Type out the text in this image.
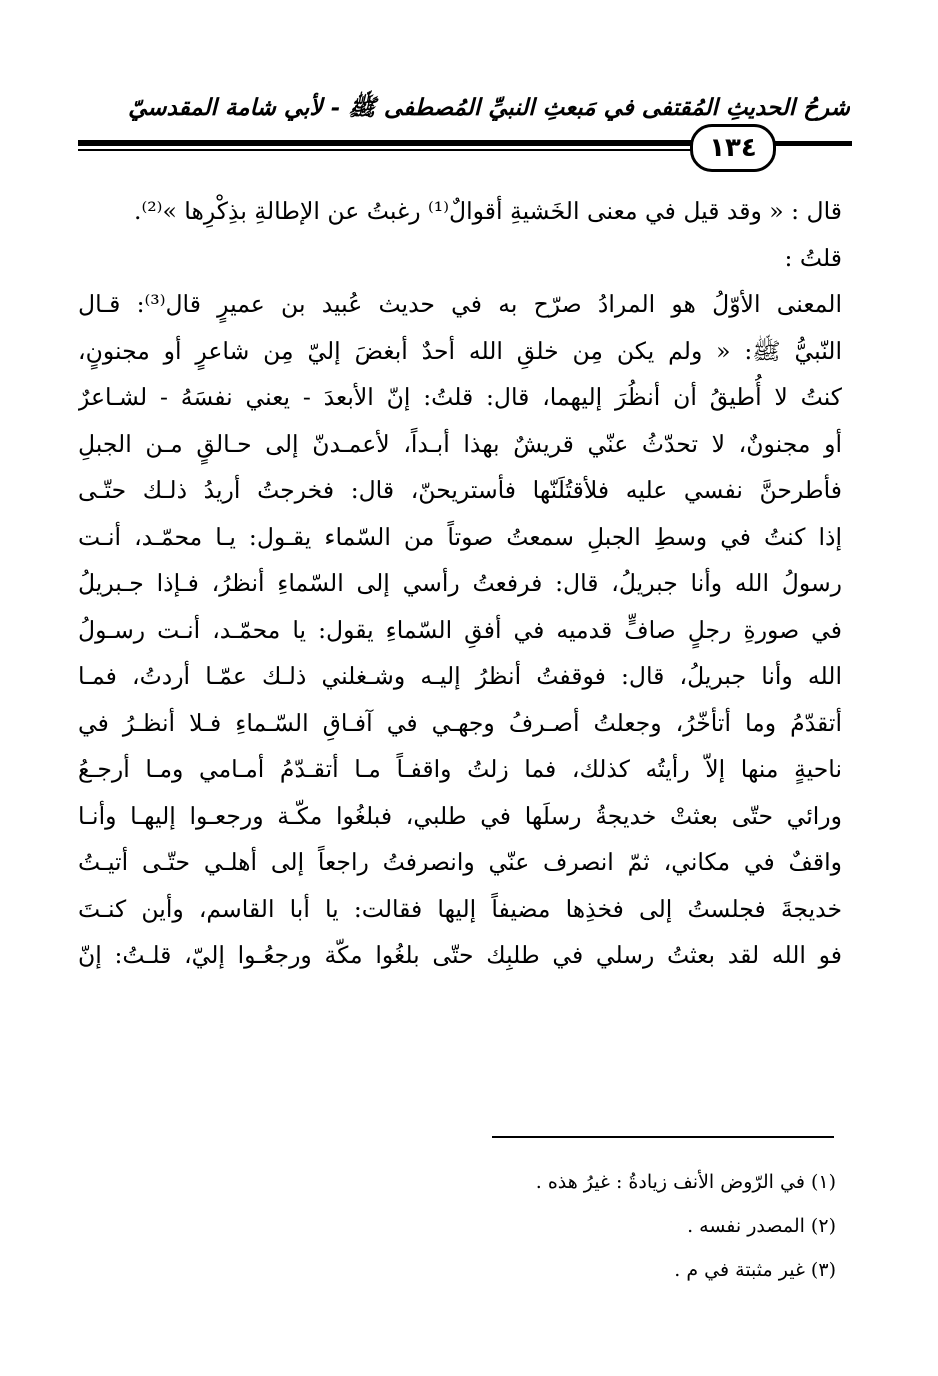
شرحُ الحديثِ المُقتفى في مَبعثِ النبيِّ المُصطفى ﷺ - لأبي شامة المقدسيّ
١٣٤
قال : « وقد قيل في معنى الخَشيةِ أقوالٌ⁽¹⁾ رغبتُ عن الإطالةِ بذِكْرِها »⁽²⁾.
قلتُ :
المعنى الأوّلُ هو المرادُ صرّح به في حديث عُبيد بن عميرٍ قال⁽³⁾: قـال
النّبيُّ ﷺ: « ولم يكن مِن خلقِ الله أحدٌ أبغضَ إليّ مِن شاعرٍ أو مجنونٍ،
كنتُ لا أُطيقُ أن أنظُرَ إليهما، قال: قلتُ: إنّ الأبعدَ - يعني نفسَهُ - لشـاعرٌ
أو مجنونٌ، لا تحدّثُ عنّي قريشٌ بهذا أبـداً، لأعمـدنّ إلى حـالقٍ مـن الجبلِ
فأطرحنَّ نفسي عليه فلأقتُلَنّها فأستريحنّ، قال: فخرجتُ أريدُ ذلـك حتّـى
إذا كنتُ في وسطِ الجبلِ سمعتُ صوتاً من السّماء يقـول: يـا محمّـد، أنـت
رسولُ الله وأنا جبريلُ، قال: فرفعتُ رأسي إلى السّماءِ أنظرُ، فـإذا جـبريلُ
في صورةِ رجلٍ صافٍّ قدميه في أفقِ السّماءِ يقول: يا محمّـد، أنـت رسـولُ
الله وأنا جبريلُ، قال: فوقفتُ أنظرُ إليـه وشـغلني ذلـك عمّـا أردتُ، فمـا
أتقدّمُ وما أتأخّرُ، وجعلتُ أصـرفُ وجهـي في آفـاقِ السّـماءِ فـلا أنظـرُ في
ناحيةٍ منها إلاّ رأيتُه كذلك، فما زلتُ واقفـاً مـا أتقـدّمُ أمـامي ومـا أرجـعُ
ورائي حتّى بعثتْ خديجةُ رسلَها في طلبي، فبلغُوا مكّـة ورجعـوا إليهـا وأنـا
واقفٌ في مكاني، ثمّ انصرف عنّي وانصرفتُ راجعاً إلى أهلـي حتّـى أتيـتُ
خديجةَ فجلستُ إلى فخذِها مضيفاً إليها فقالت: يا أبا القاسم، وأين كنـتَ
فو الله لقد بعثتُ رسلي في طلبِك حتّى بلغُوا مكّة ورجعُـوا إليّ، قلـتُ: إنّ
(١) في الرّوض الأنف زيادةُ : غيرُ هذه .
(٢) المصدر نفسه .
(٣) غير مثبتة في م .
